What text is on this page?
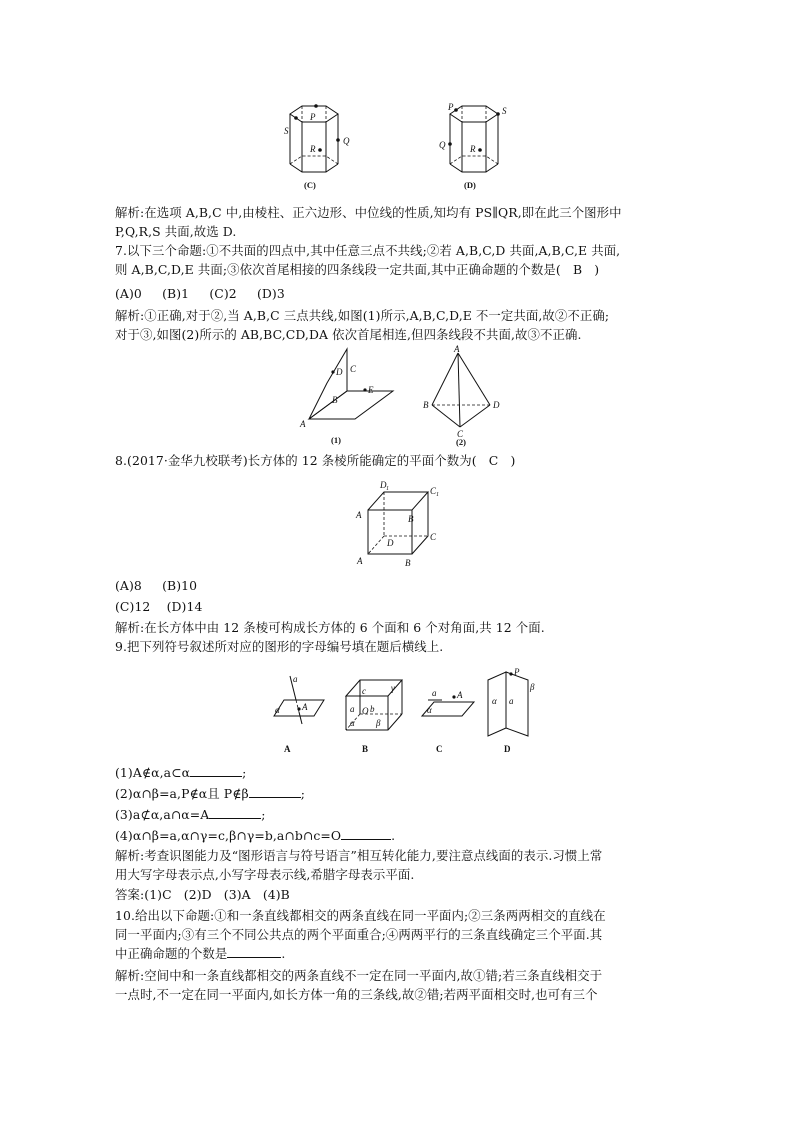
P
S
Q
R
(C)
P	S
Q	R
(D)
解析:在选项 A,B,C 中,由棱柱、正六边形、中位线的性质,知均有 PS∥QR,即在此三个图形中
P,Q,R,S 共面,故选 D.
7.以下三个命题:①不共面的四点中,其中任意三点不共线;②若 A,B,C,D 共面,A,B,C,E 共面,
则 A,B,C,D,E 共面;③依次首尾相接的四条线段一定共面,其中正确命题的个数是(   B   )
(A)0     (B)1     (C)2     (D)3
解析:①正确,对于②,当 A,B,C 三点共线,如图(1)所示,A,B,C,D,E 不一定共面,故②不正确;
对于③,如图(2)所示的 AB,BC,CD,DA 依次首尾相连,但四条线段不共面,故③不正确.
D C
E
B
A
(1)
A
B	D
C
(2)
8.(2017·金华九校联考)长方体的 12 条棱所能确定的平面个数为(   C   )
D 1	C 1
A	B
D
C
A	B
(A)8     (B)10
(C)12    (D)14
解析:在长方体中由 12 条棱可构成长方体的 6 个面和 6 个对角面,共 12 个面.
9.把下列符号叙述所对应的图形的字母编号填在题后横线上.
a
A
α
A
c	γ
a O b
α β
B
A
a
α
C
P
β
α a
D
(1)A∉α,a⊂α	;
(2)α∩β=a,P∉α且 P∉β	;
(3)a⊄α,a∩α=A	;
(4)α∩β=a,α∩γ=c,β∩γ=b,a∩b∩c=O	.
解析:考查识图能力及“图形语言与符号语言”相互转化能力,要注意点线面的表示.习惯上常
用大写字母表示点,小写字母表示线,希腊字母表示平面.
答案:(1)C   (2)D   (3)A   (4)B
10.给出以下命题:①和一条直线都相交的两条直线在同一平面内;②三条两两相交的直线在
同一平面内;③有三个不同公共点的两个平面重合;④两两平行的三条直线确定三个平面.其
中正确命题的个数是	.
解析:空间中和一条直线都相交的两条直线不一定在同一平面内,故①错;若三条直线相交于
一点时,不一定在同一平面内,如长方体一角的三条线,故②错;若两平面相交时,也可有三个
